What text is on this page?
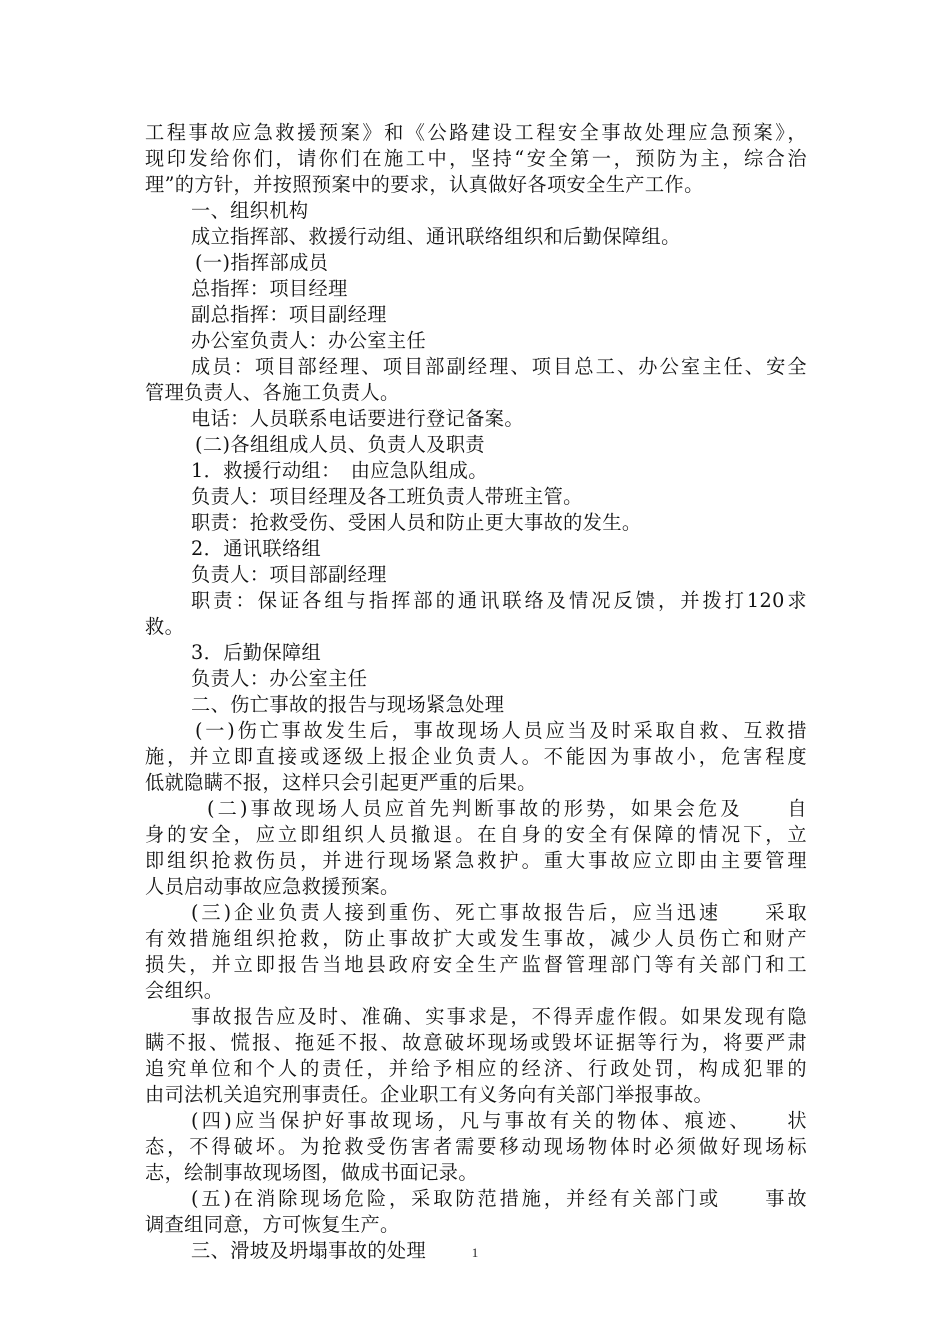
工程事故应急救援预案》和《公路建设工程安全事故处理应急预案》，
现印发给你们，请你们在施工中，坚持“安全第一，预防为主，综合治
理”的方针，并按照预案中的要求，认真做好各项安全生产工作。
一、组织机构
成立指挥部、救援行动组、通讯联络组织和后勤保障组。
(一)指挥部成员
总指挥：项目经理
副总指挥：项目副经理
办公室负责人：办公室主任
成员：项目部经理、项目部副经理、项目总工、办公室主任、安全
管理负责人、各施工负责人。
电话：人员联系电话要进行登记备案。
(二)各组组成人员、负责人及职责
1．救援行动组：　由应急队组成。
负责人：项目经理及各工班负责人带班主管。
职责：抢救受伤、受困人员和防止更大事故的发生。
2．通讯联络组
负责人：项目部副经理
职责：保证各组与指挥部的通讯联络及情况反馈，并拨打120求
救。
3．后勤保障组
负责人：办公室主任
二、伤亡事故的报告与现场紧急处理
(一)伤亡事故发生后，事故现场人员应当及时采取自救、互救措
施，并立即直接或逐级上报企业负责人。不能因为事故小，危害程度
低就隐瞒不报，这样只会引起更严重的后果。
(二)事故现场人员应首先判断事故的形势，如果会危及　　自
身的安全，应立即组织人员撤退。在自身的安全有保障的情况下，立
即组织抢救伤员，并进行现场紧急救护。重大事故应立即由主要管理
人员启动事故应急救援预案。
(三)企业负责人接到重伤、死亡事故报告后，应当迅速　　采取
有效措施组织抢救，防止事故扩大或发生事故，减少人员伤亡和财产
损失，并立即报告当地县政府安全生产监督管理部门等有关部门和工
会组织。
事故报告应及时、准确、实事求是，不得弄虚作假。如果发现有隐
瞒不报、慌报、拖延不报、故意破坏现场或毁坏证据等行为，将要严肃
追究单位和个人的责任，并给予相应的经济、行政处罚，构成犯罪的
由司法机关追究刑事责任。企业职工有义务向有关部门举报事故。
(四)应当保护好事故现场，凡与事故有关的物体、痕迹、　　状
态，不得破坏。为抢救受伤害者需要移动现场物体时必须做好现场标
志，绘制事故现场图，做成书面记录。
(五)在消除现场危险，采取防范措施，并经有关部门或　　事故
调查组同意，方可恢复生产。
三、滑坡及坍塌事故的处理	1
